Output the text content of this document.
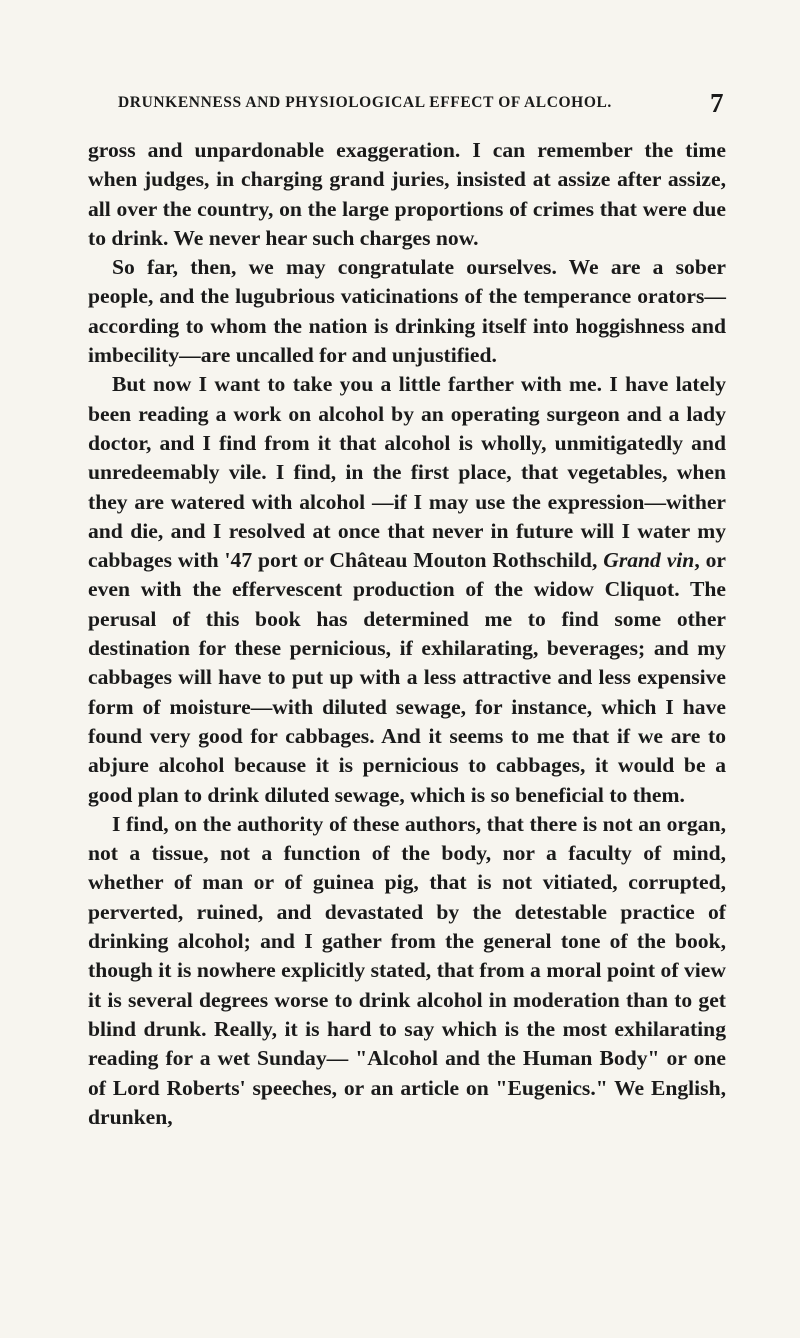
DRUNKENNESS AND PHYSIOLOGICAL EFFECT OF ALCOHOL.	7

gross and unpardonable exaggeration. I can remember the time when judges, in charging grand juries, insisted at assize after assize, all over the country, on the large proportions of crimes that were due to drink. We never hear such charges now.

So far, then, we may congratulate ourselves. We are a sober people, and the lugubrious vaticinations of the temperance orators—according to whom the nation is drinking itself into hoggishness and imbecility—are uncalled for and unjustified.

But now I want to take you a little farther with me. I have lately been reading a work on alcohol by an operating surgeon and a lady doctor, and I find from it that alcohol is wholly, unmitigatedly and unredeemably vile. I find, in the first place, that vegetables, when they are watered with alcohol —if I may use the expression—wither and die, and I resolved at once that never in future will I water my cabbages with '47 port or Château Mouton Rothschild, Grand vin, or even with the effervescent production of the widow Cliquot. The perusal of this book has determined me to find some other destination for these pernicious, if exhilarating, beverages; and my cabbages will have to put up with a less attractive and less expensive form of moisture—with diluted sewage, for instance, which I have found very good for cabbages. And it seems to me that if we are to abjure alcohol because it is pernicious to cabbages, it would be a good plan to drink diluted sewage, which is so beneficial to them.

I find, on the authority of these authors, that there is not an organ, not a tissue, not a function of the body, nor a faculty of mind, whether of man or of guinea pig, that is not vitiated, corrupted, perverted, ruined, and devastated by the detestable practice of drinking alcohol; and I gather from the general tone of the book, though it is nowhere explicitly stated, that from a moral point of view it is several degrees worse to drink alcohol in moderation than to get blind drunk. Really, it is hard to say which is the most exhilarating reading for a wet Sunday— "Alcohol and the Human Body" or one of Lord Roberts' speeches, or an article on "Eugenics." We English, drunken,
